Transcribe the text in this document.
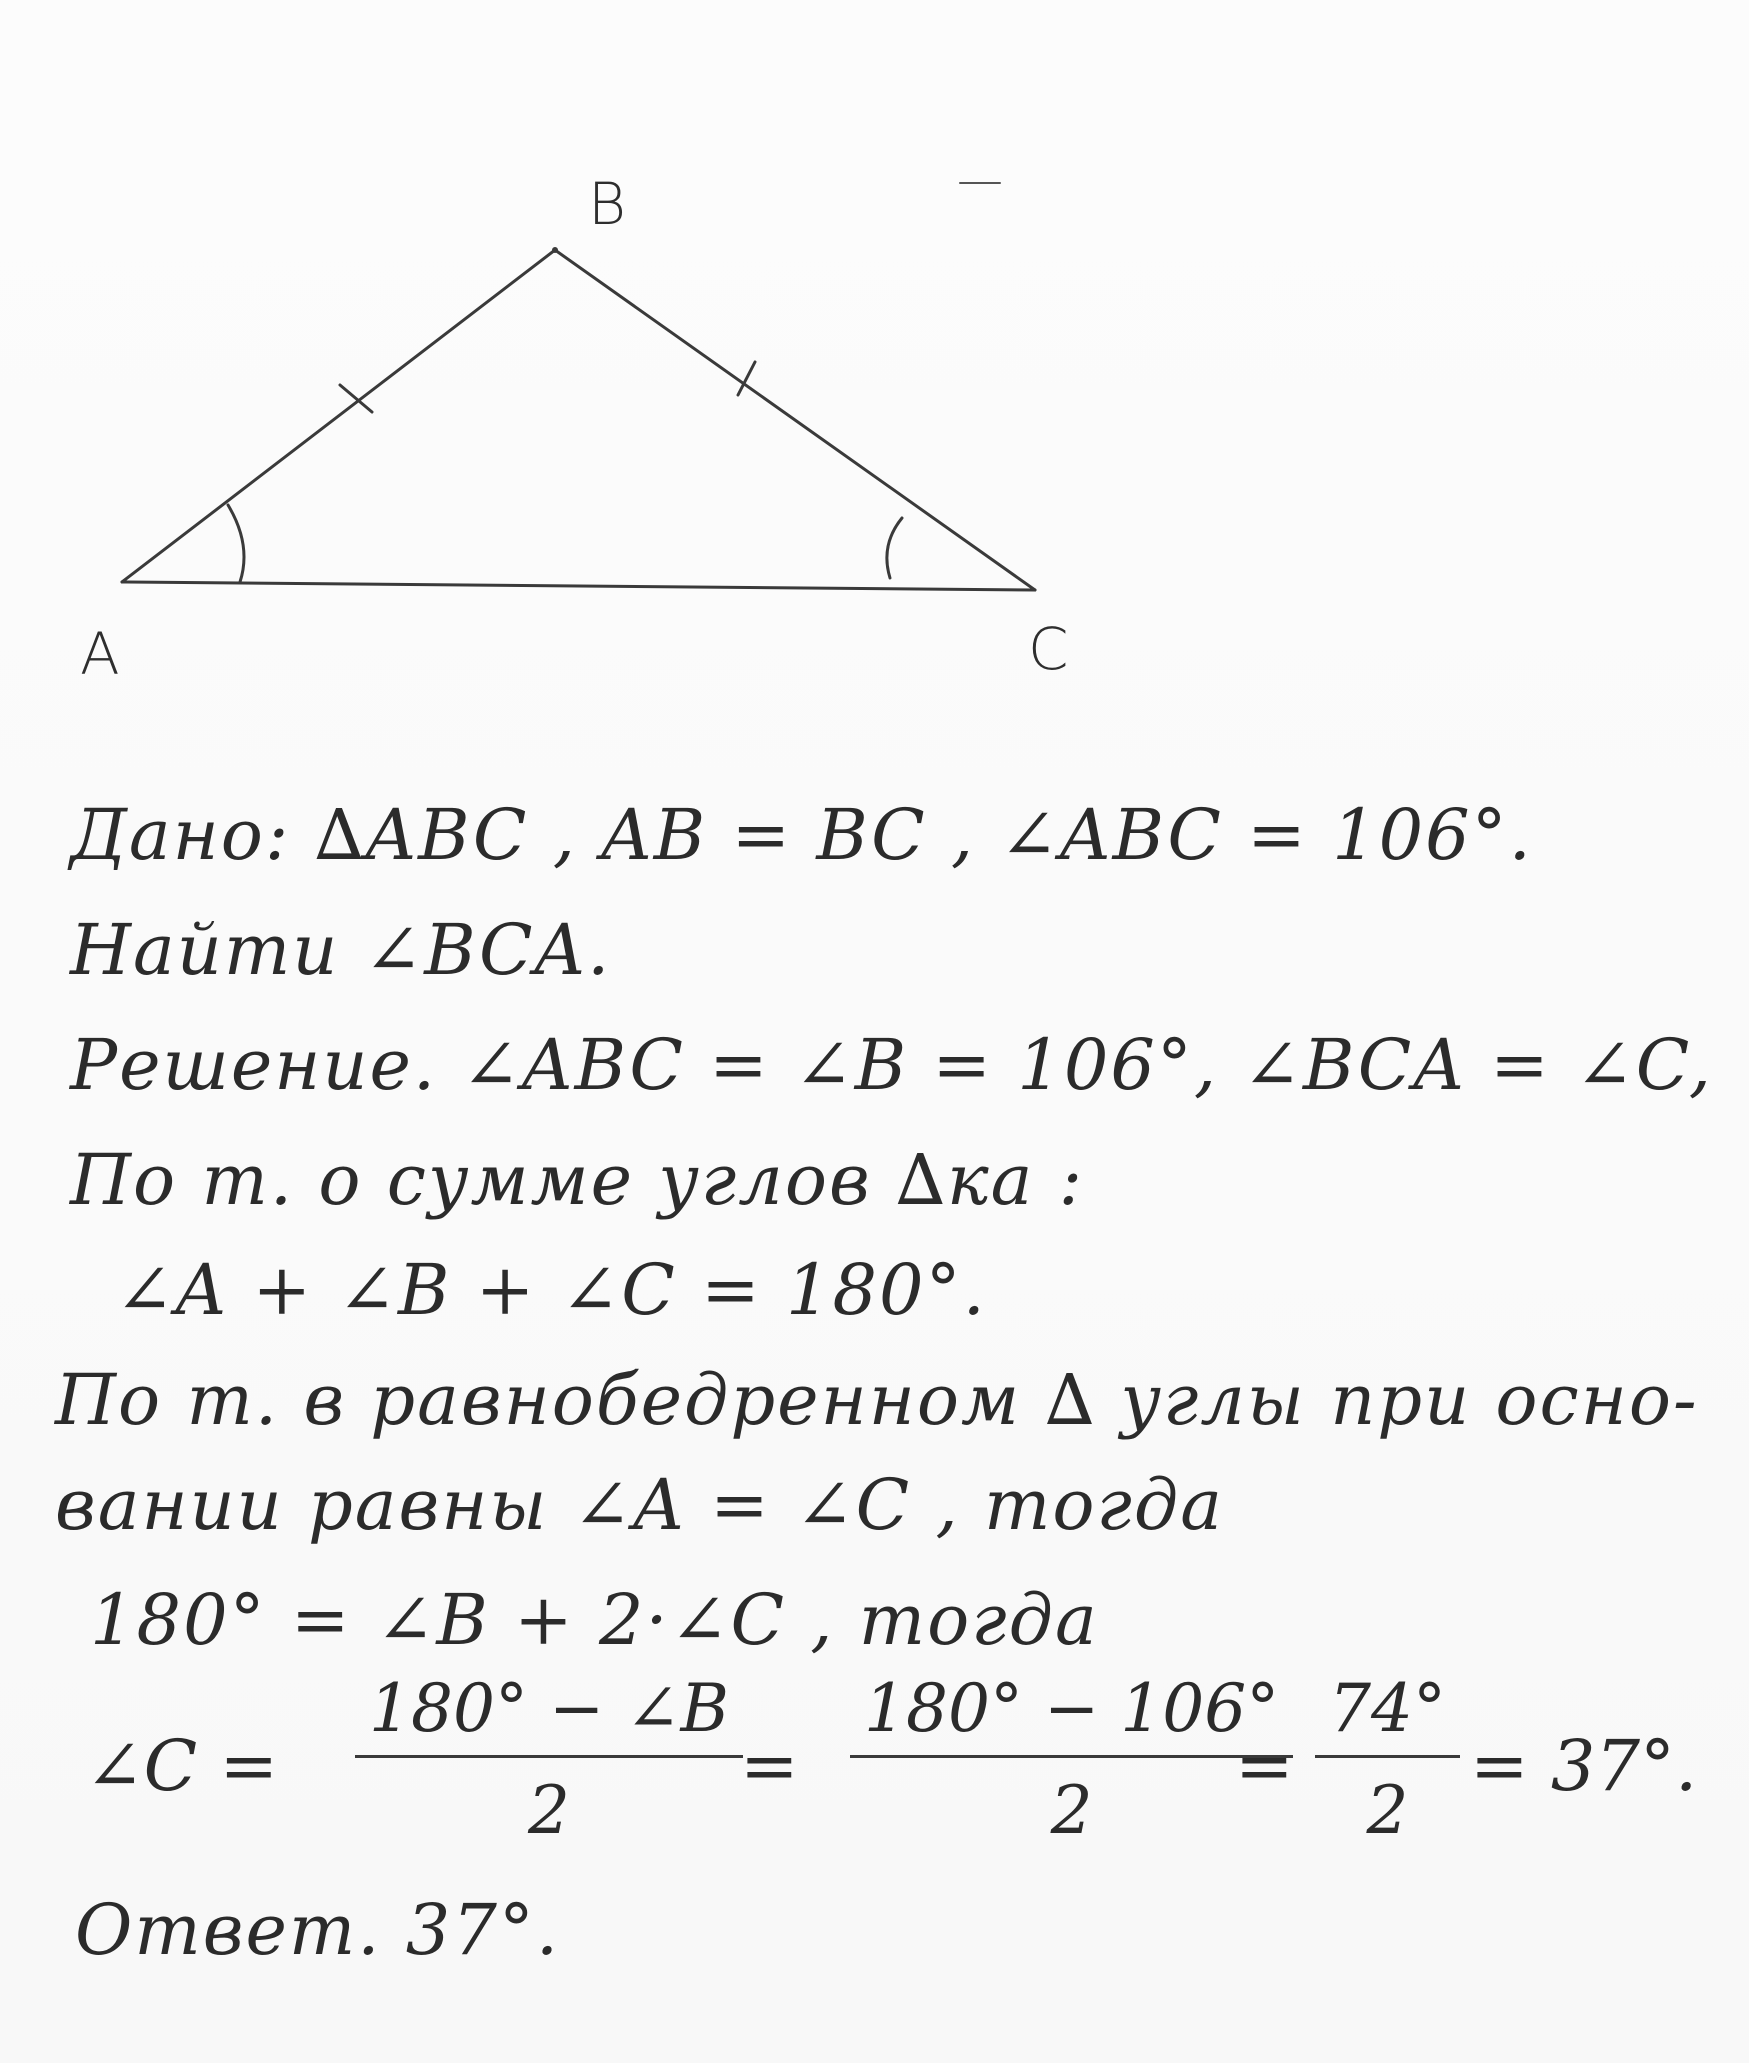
B
A	C
Дано: ∆ABC , AB = BC , ∠ABC = 106°.
Найти ∠BCA.
Решение. ∠ABC = ∠B = 106°, ∠BCA = ∠C,
По т. о сумме углов ∆ка :
∠A + ∠B + ∠C = 180°.
По т. в равнобедренном ∆ углы при осно-
вании равны ∠A = ∠C , тогда
180° = ∠B + 2·∠C , тогда
∠C = $\frac{180^\circ - \angle B}{2}$
= $\frac{180^\circ - 106^\circ}{2}$
= $\frac{74^\circ}{2} = 37^\circ$.
Ответ. 37°.
